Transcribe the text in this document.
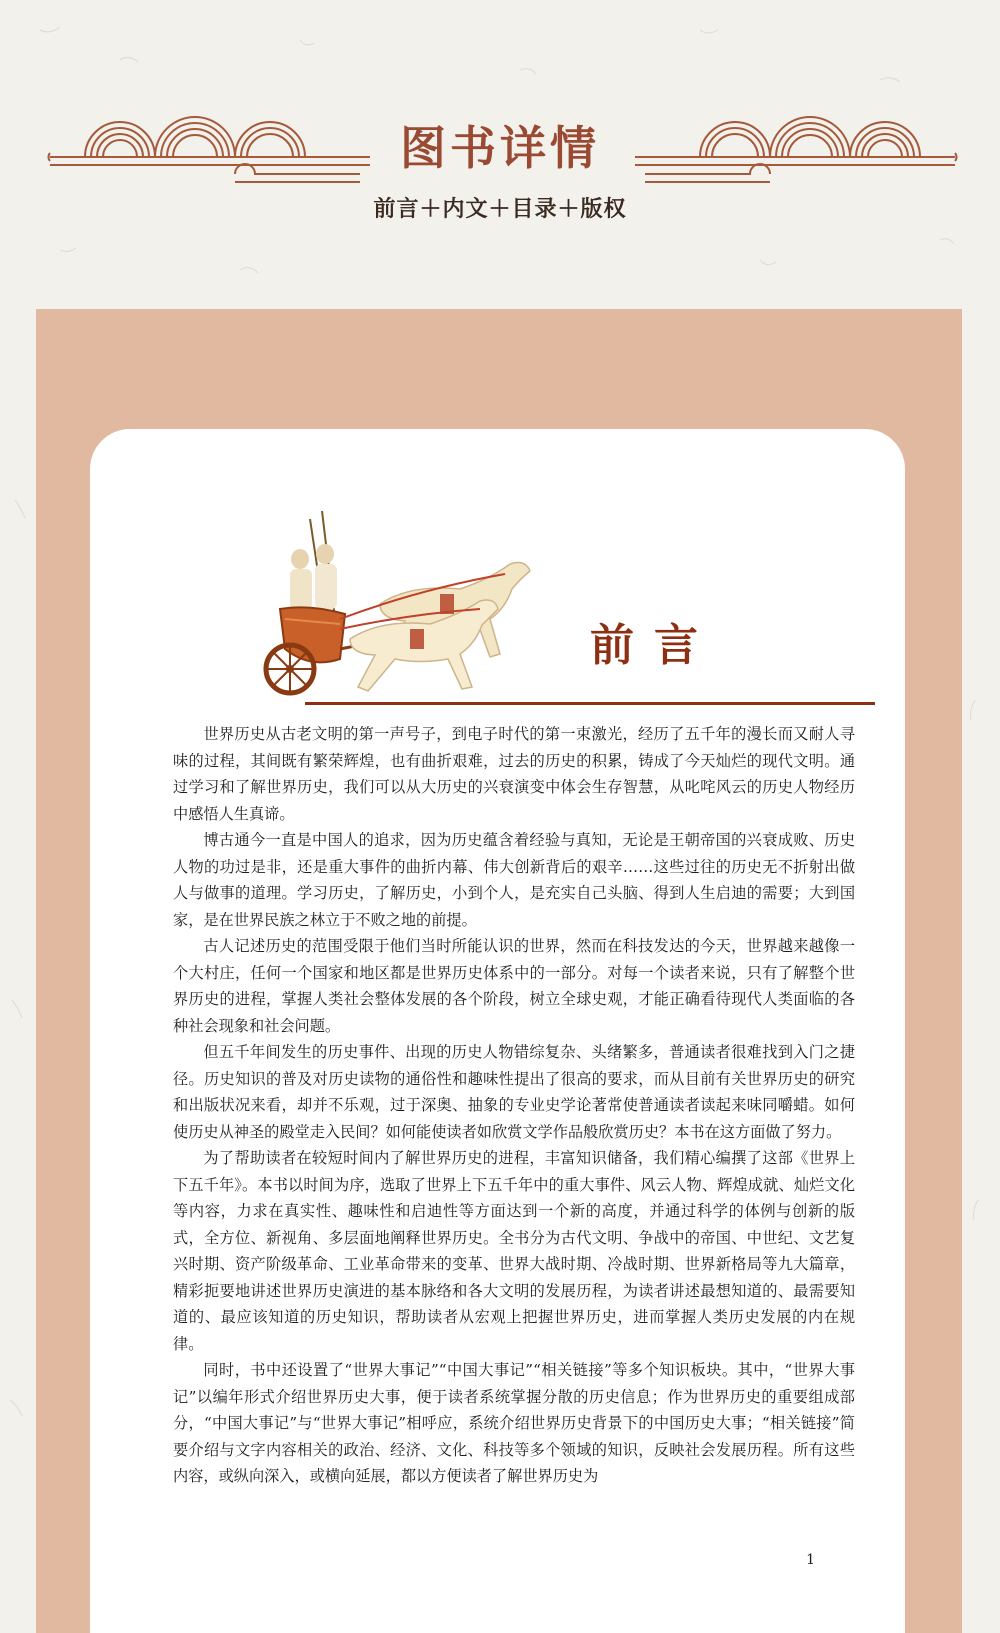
图书详情
前言＋内文＋目录＋版权
前言

世界历史从古老文明的第一声号子，到电子时代的第一束激光，经历了五千年的漫长而又耐人寻味的过程，其间既有繁荣辉煌，也有曲折艰难，过去的历史的积累，铸成了今天灿烂的现代文明。通过学习和了解世界历史，我们可以从大历史的兴衰演变中体会生存智慧，从叱咤风云的历史人物经历中感悟人生真谛。

博古通今一直是中国人的追求，因为历史蕴含着经验与真知，无论是王朝帝国的兴衰成败、历史人物的功过是非，还是重大事件的曲折内幕、伟大创新背后的艰辛……这些过往的历史无不折射出做人与做事的道理。学习历史，了解历史，小到个人，是充实自己头脑、得到人生启迪的需要；大到国家，是在世界民族之林立于不败之地的前提。

古人记述历史的范围受限于他们当时所能认识的世界，然而在科技发达的今天，世界越来越像一个大村庄，任何一个国家和地区都是世界历史体系中的一部分。对每一个读者来说，只有了解整个世界历史的进程，掌握人类社会整体发展的各个阶段，树立全球史观，才能正确看待现代人类面临的各种社会现象和社会问题。

但五千年间发生的历史事件、出现的历史人物错综复杂、头绪繁多，普通读者很难找到入门之捷径。历史知识的普及对历史读物的通俗性和趣味性提出了很高的要求，而从目前有关世界历史的研究和出版状况来看，却并不乐观，过于深奥、抽象的专业史学论著常使普通读者读起来味同嚼蜡。如何使历史从神圣的殿堂走入民间？如何能使读者如欣赏文学作品般欣赏历史？本书在这方面做了努力。

为了帮助读者在较短时间内了解世界历史的进程，丰富知识储备，我们精心编撰了这部《世界上下五千年》。本书以时间为序，选取了世界上下五千年中的重大事件、风云人物、辉煌成就、灿烂文化等内容，力求在真实性、趣味性和启迪性等方面达到一个新的高度，并通过科学的体例与创新的版式，全方位、新视角、多层面地阐释世界历史。全书分为古代文明、争战中的帝国、中世纪、文艺复兴时期、资产阶级革命、工业革命带来的变革、世界大战时期、冷战时期、世界新格局等九大篇章，精彩扼要地讲述世界历史演进的基本脉络和各大文明的发展历程，为读者讲述最想知道的、最需要知道的、最应该知道的历史知识，帮助读者从宏观上把握世界历史，进而掌握人类历史发展的内在规律。

同时，书中还设置了“世界大事记”“中国大事记”“相关链接”等多个知识板块。其中，“世界大事记”以编年形式介绍世界历史大事，便于读者系统掌握分散的历史信息；作为世界历史的重要组成部分，“中国大事记”与“世界大事记”相呼应，系统介绍世界历史背景下的中国历史大事；“相关链接”简要介绍与文字内容相关的政治、经济、文化、科技等多个领域的知识，反映社会发展历程。所有这些内容，或纵向深入，或横向延展，都以方便读者了解世界历史为

1
